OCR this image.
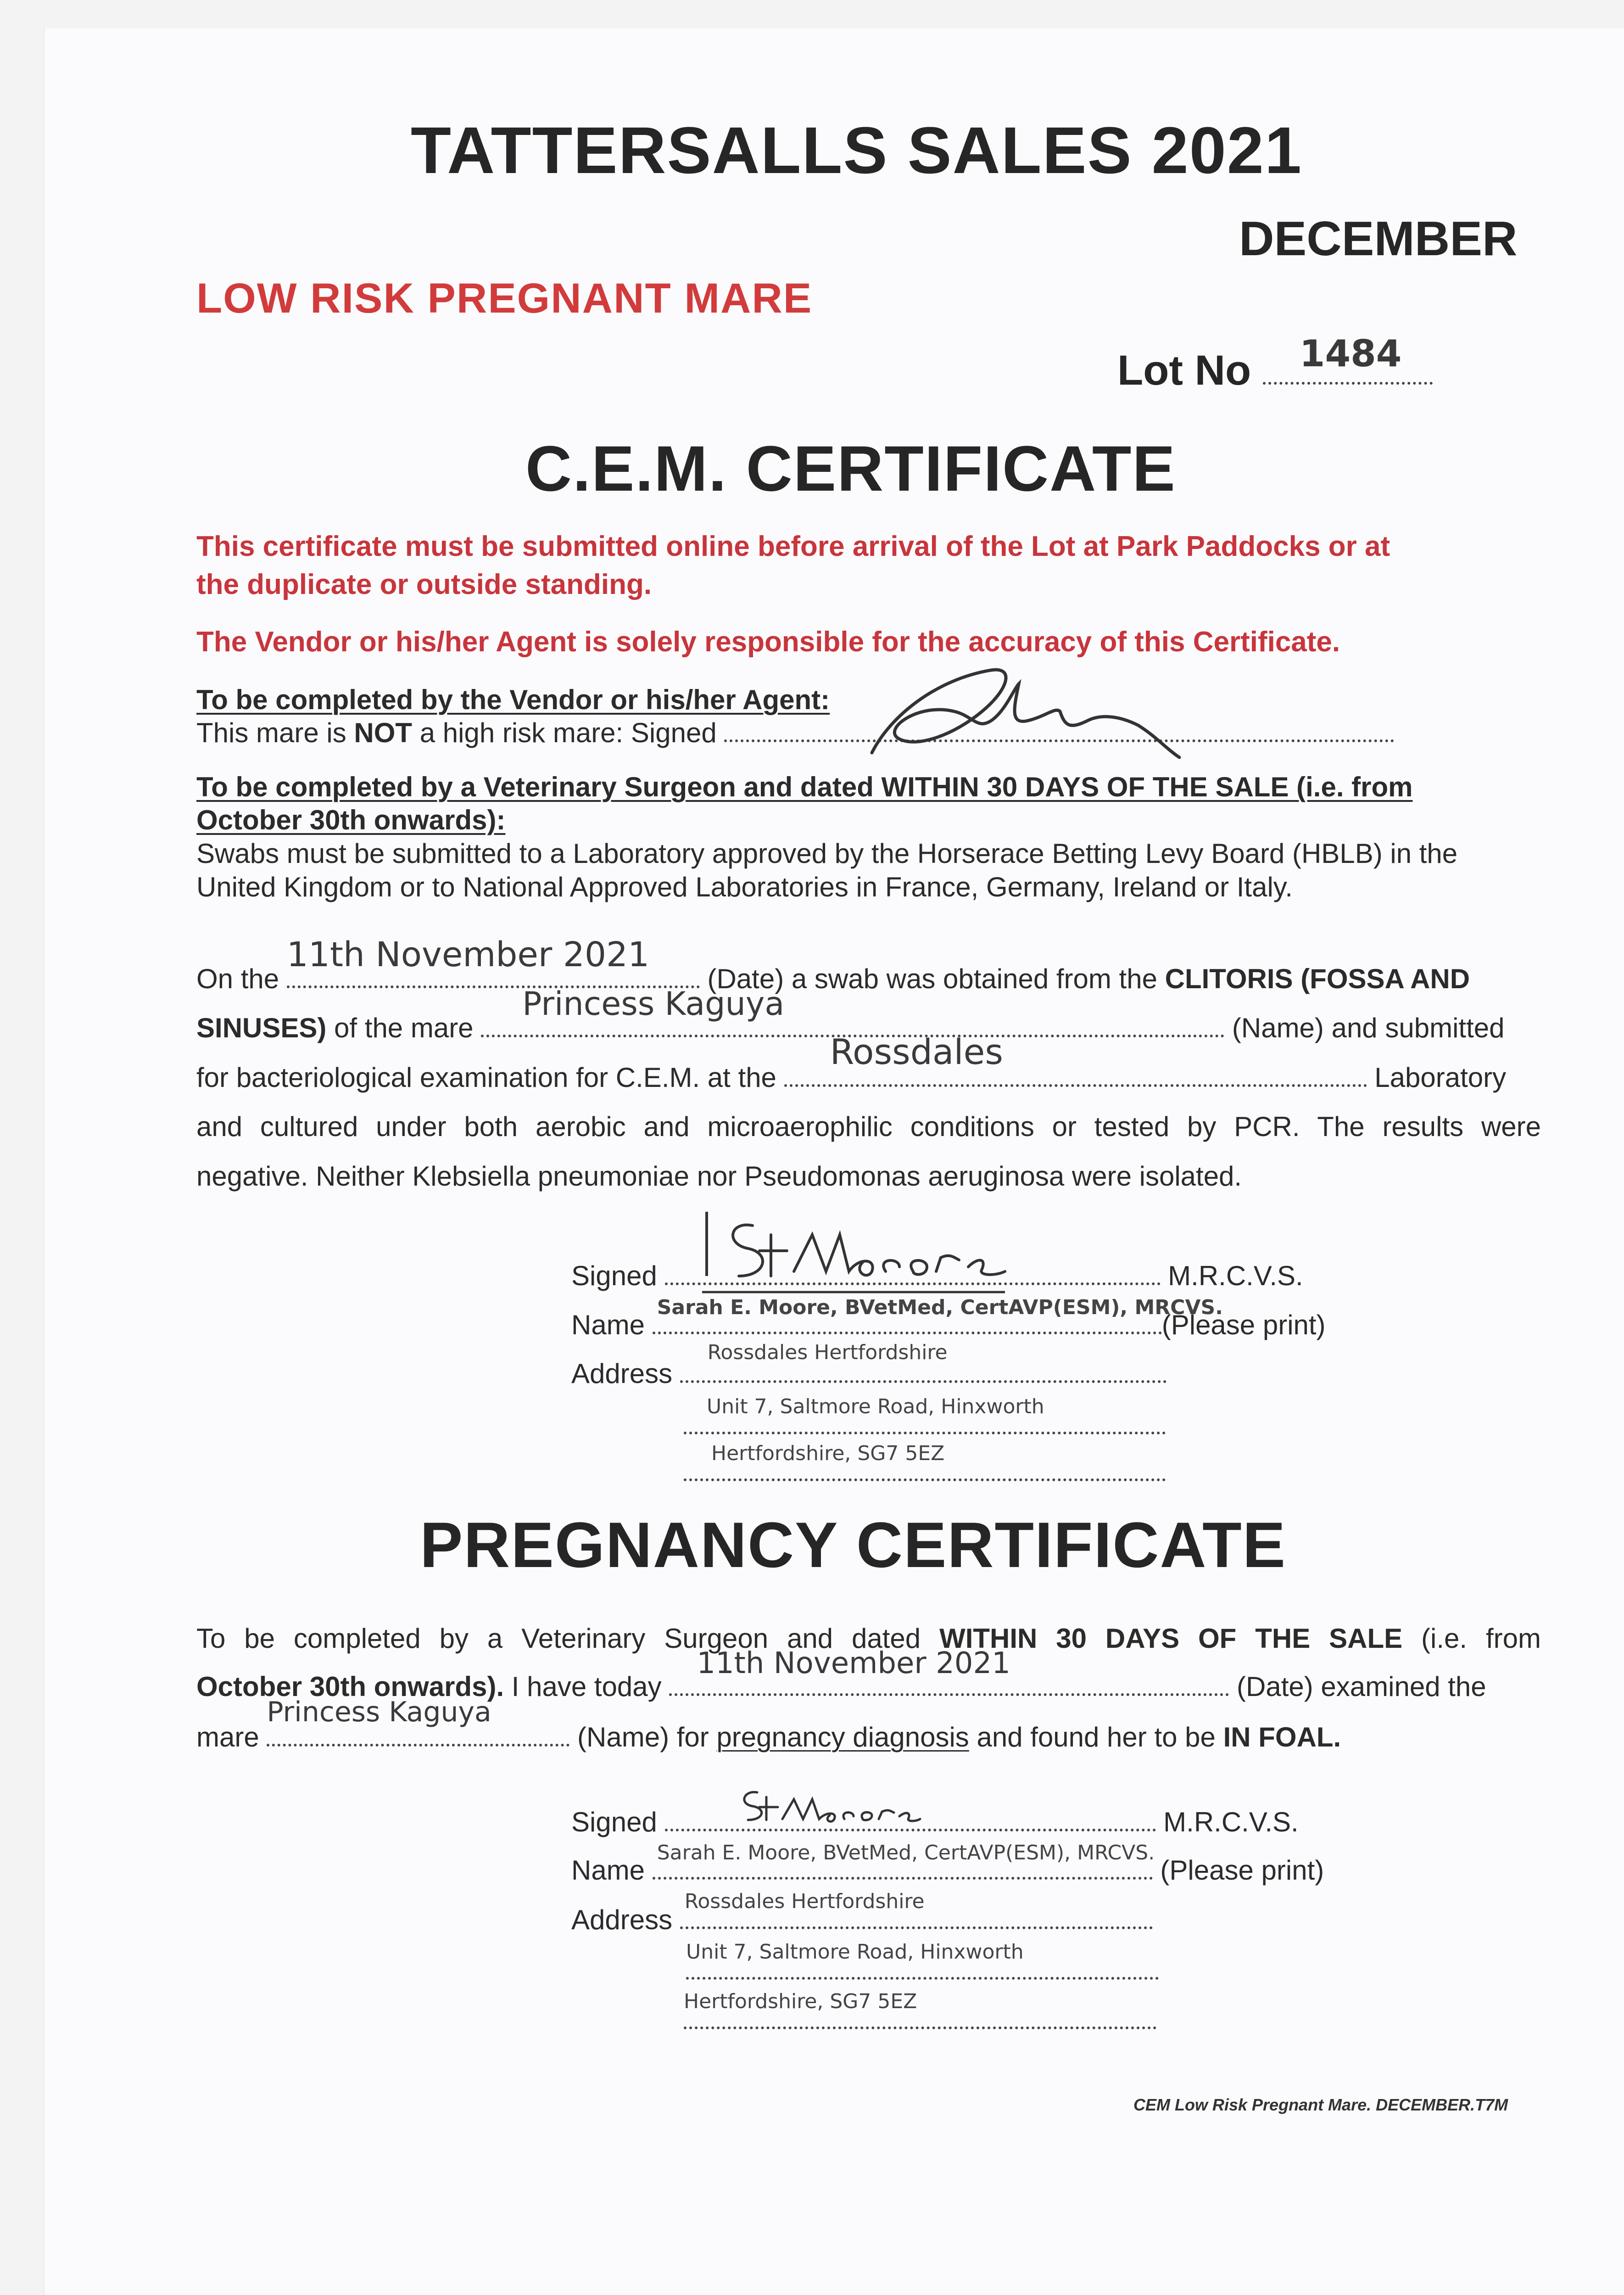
TATTERSALLS SALES 2021
DECEMBER
LOW RISK PREGNANT MARE
Lot No 1484
C.E.M. CERTIFICATE
This certificate must be submitted online before arrival of the Lot at Park Paddocks or at
the duplicate or outside standing.
The Vendor or his/her Agent is solely responsible for the accuracy of this Certificate.
To be completed by the Vendor or his/her Agent:
This mare is NOT a high risk mare: Signed
To be completed by a Veterinary Surgeon and dated WITHIN 30 DAYS OF THE SALE (i.e. from
October 30th onwards):
Swabs must be submitted to a Laboratory approved by the Horserace Betting Levy Board (HBLB) in the
United Kingdom or to National Approved Laboratories in France, Germany, Ireland or Italy.
On the
11th November 2021
(Date) a swab was obtained from the CLITORIS (FOSSA AND
SINUSES) of the mare
Princess Kaguya
(Name) and submitted
for bacteriological examination for C.E.M. at the
Rossdales
Laboratory
and cultured under both aerobic and microaerophilic conditions or tested by PCR. The results were
negative. Neither Klebsiella pneumoniae nor Pseudomonas aeruginosa were isolated.
Signed	M.R.C.V.S.
Name
Sarah E. Moore, BVetMed, CertAVP(ESM), MRCVS.
(Please print)
Address
Rossdales Hertfordshire
Unit 7, Saltmore Road, Hinxworth
Hertfordshire, SG7 5EZ
PREGNANCY CERTIFICATE
To be completed by a Veterinary Surgeon and dated WITHIN 30 DAYS OF THE SALE (i.e. from
October 30th onwards). I have today
11th November 2021
(Date) examined the
mare
Princess Kaguya
(Name) for pregnancy diagnosis and found her to be IN FOAL.
Signed	M.R.C.V.S.
Name
Sarah E. Moore, BVetMed, CertAVP(ESM), MRCVS.
(Please print)
Address
Rossdales Hertfordshire
Unit 7, Saltmore Road, Hinxworth
Hertfordshire, SG7 5EZ
CEM Low Risk Pregnant Mare. DECEMBER.T7M
